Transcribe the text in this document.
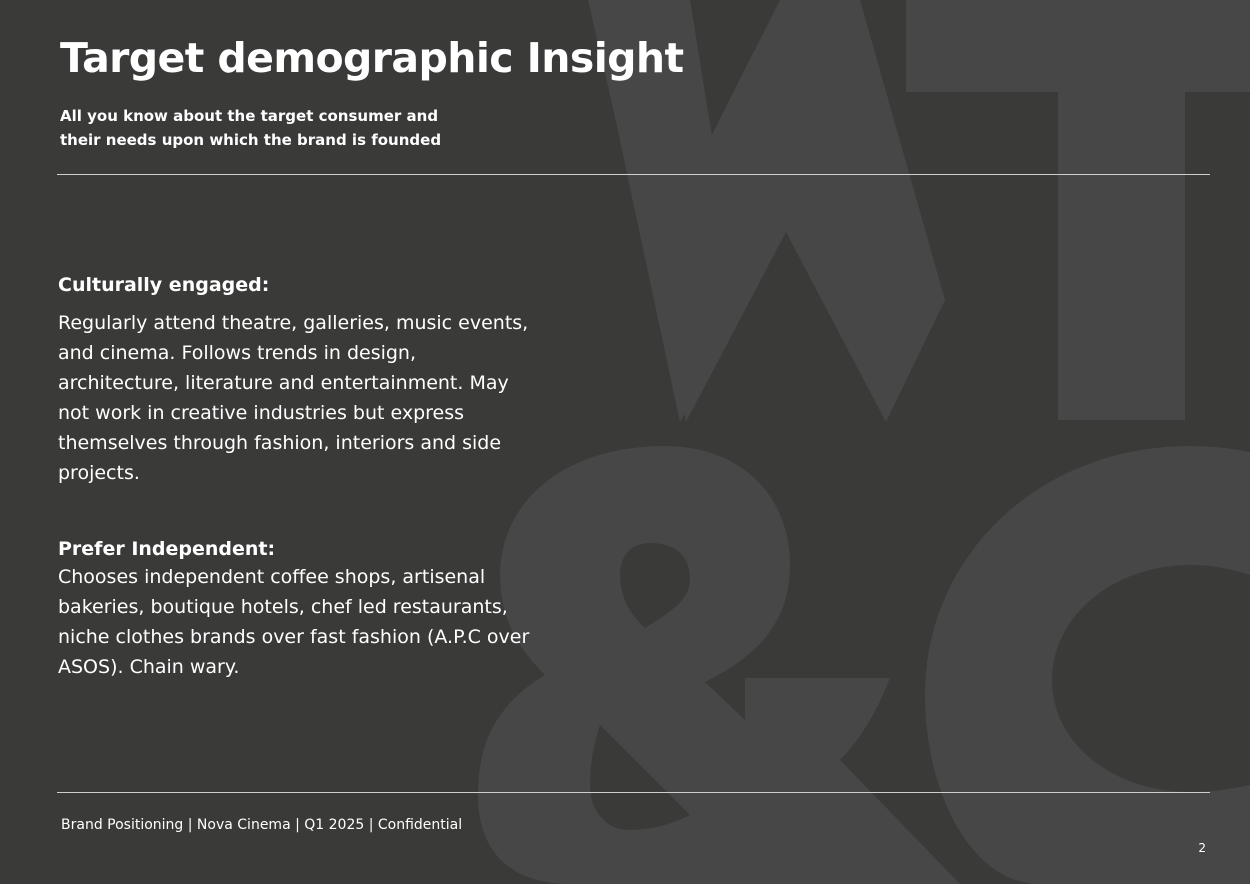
Target demographic Insight

All you know about the target consumer and their needs upon which the brand is founded

Culturally engaged:

Regularly attend theatre, galleries, music events, and cinema. Follows trends in design, architecture, literature and entertainment. May not work in creative industries but express themselves through fashion, interiors and side projects.

Prefer Independent:

Chooses independent coffee shops, artisenal bakeries, boutique hotels, chef led restaurants, niche clothes brands over fast fashion (A.P.C over ASOS). Chain wary.

Brand Positioning | Nova Cinema | Q1 2025 | Confidential
2
